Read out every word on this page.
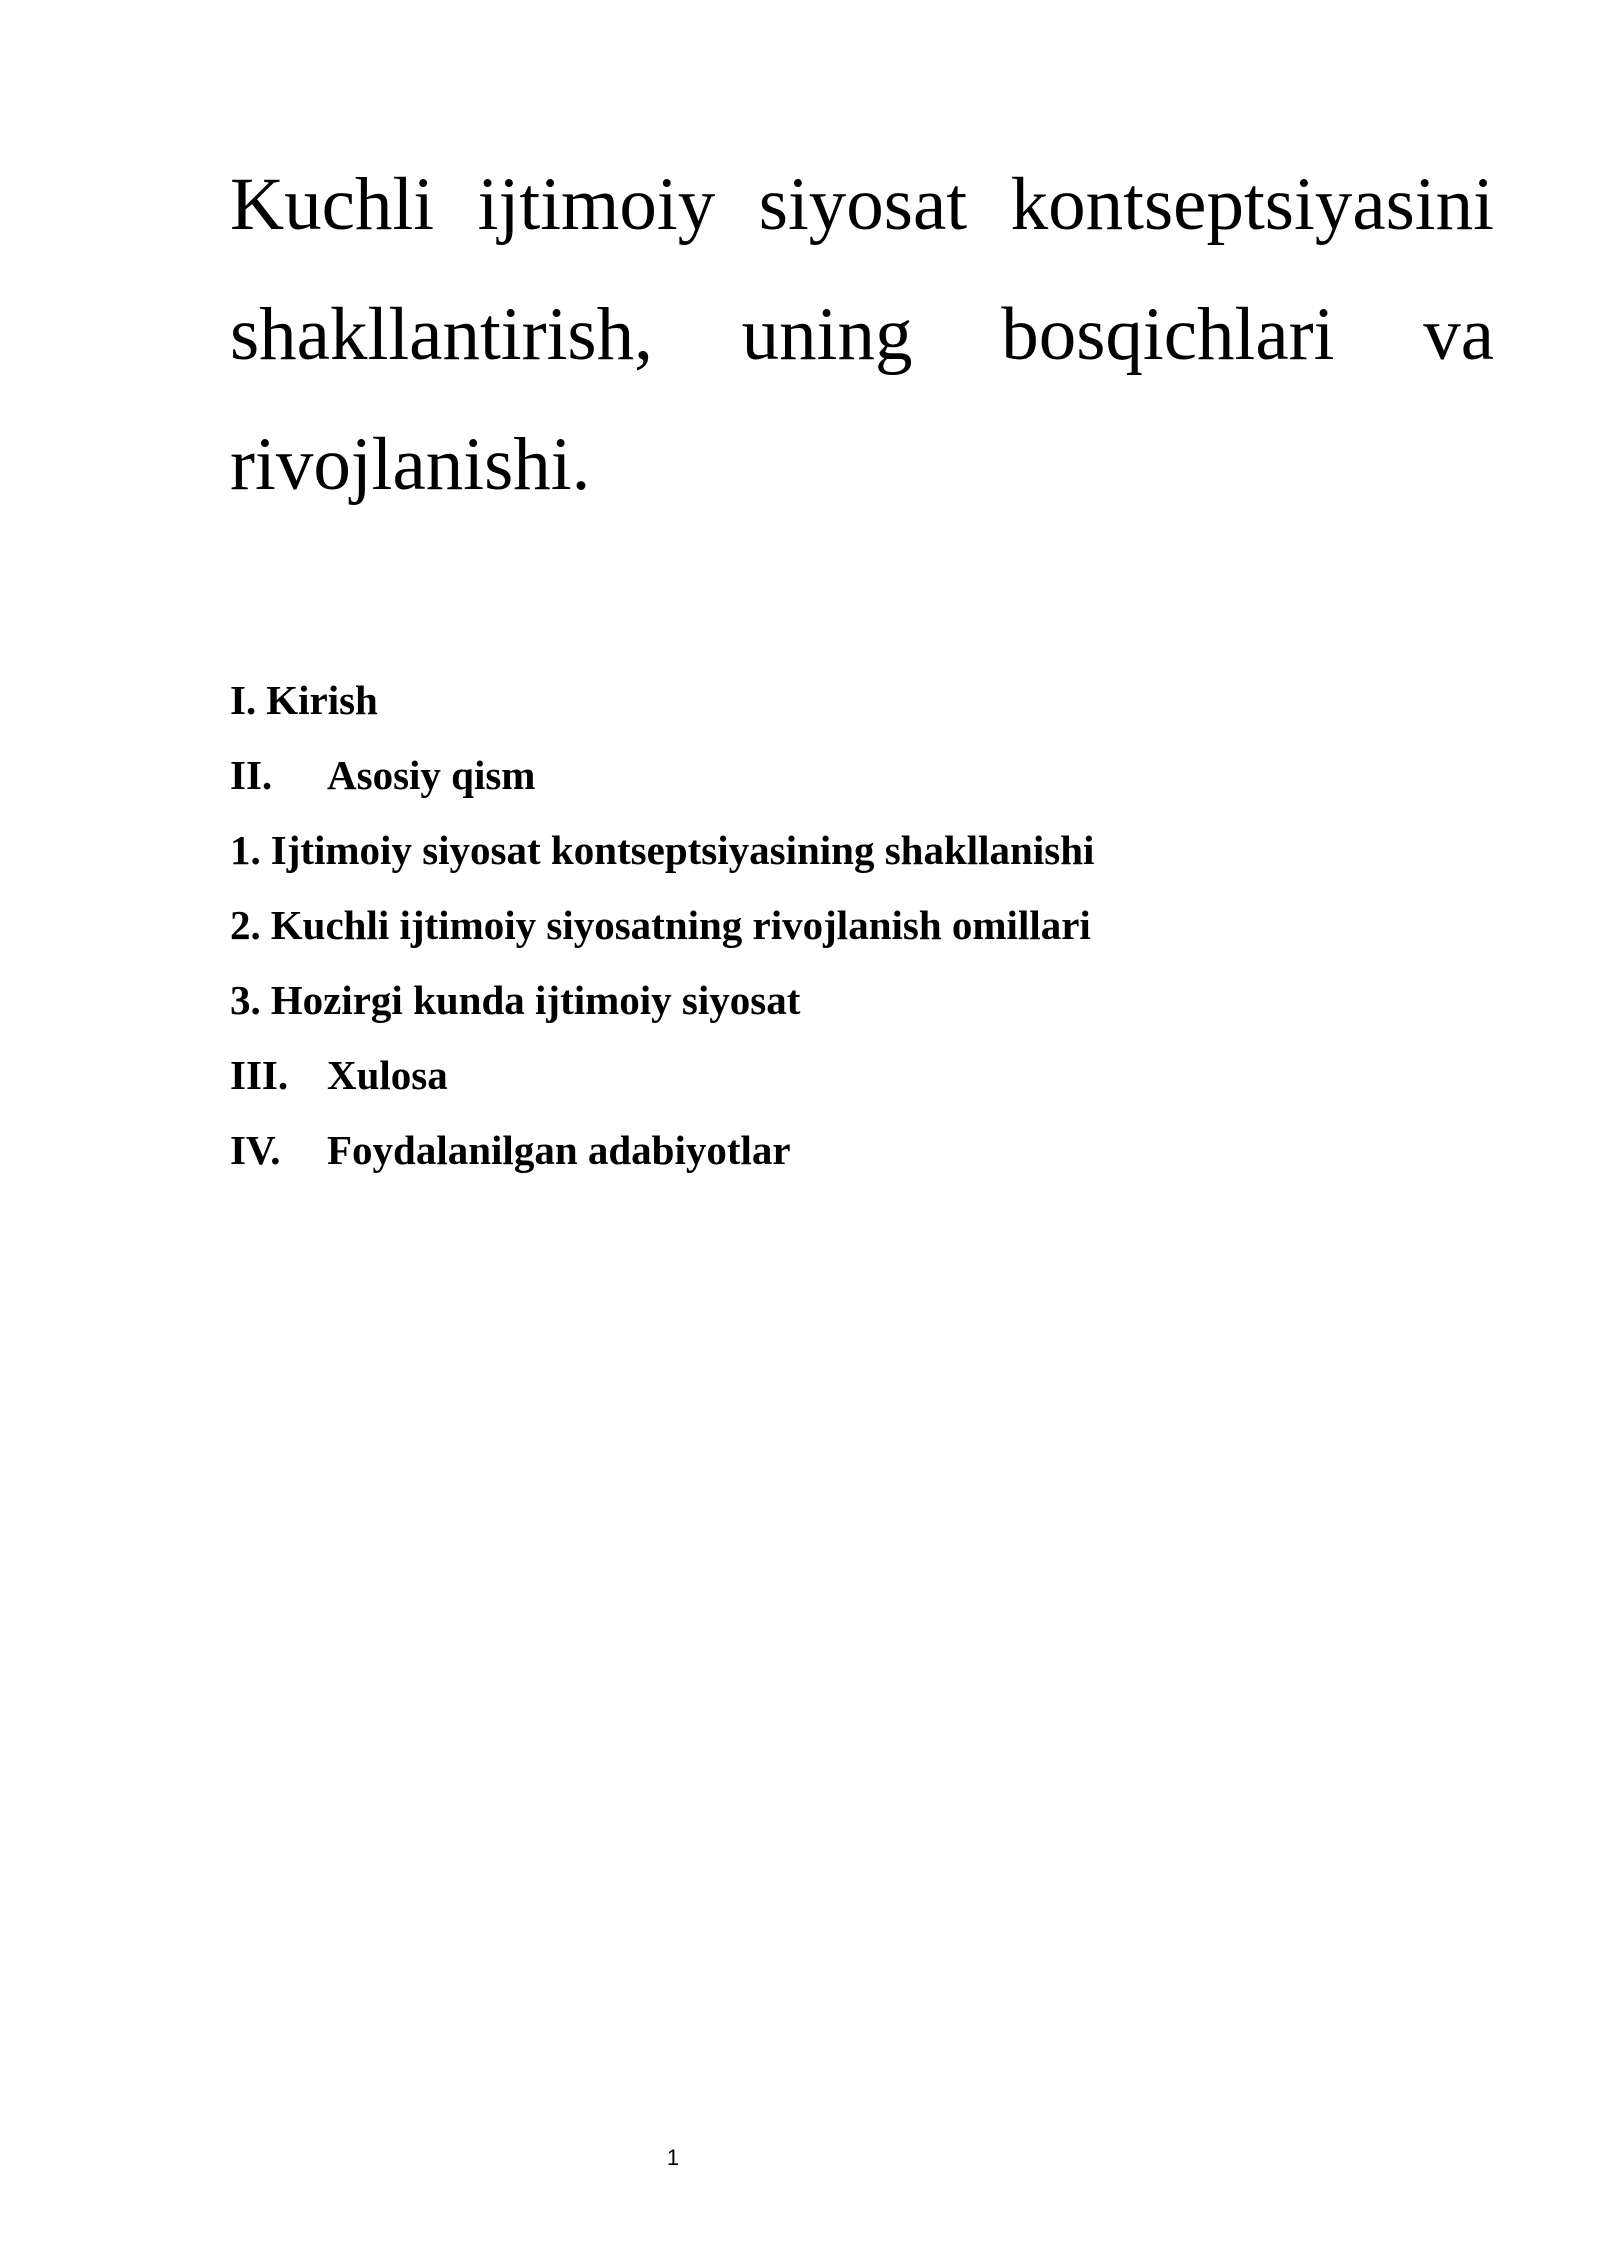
Kuchli ijtimoiy siyosat kontseptsiyasini shakllantirish, uning bosqichlari va rivojlanishi.
I. Kirish
II.	Asosiy qism
1. Ijtimoiy siyosat kontseptsiyasining shakllanishi
2. Kuchli ijtimoiy siyosatning rivojlanish omillari
3. Hozirgi kunda ijtimoiy siyosat
III. Xulosa
IV.	Foydalanilgan adabiyotlar
1
